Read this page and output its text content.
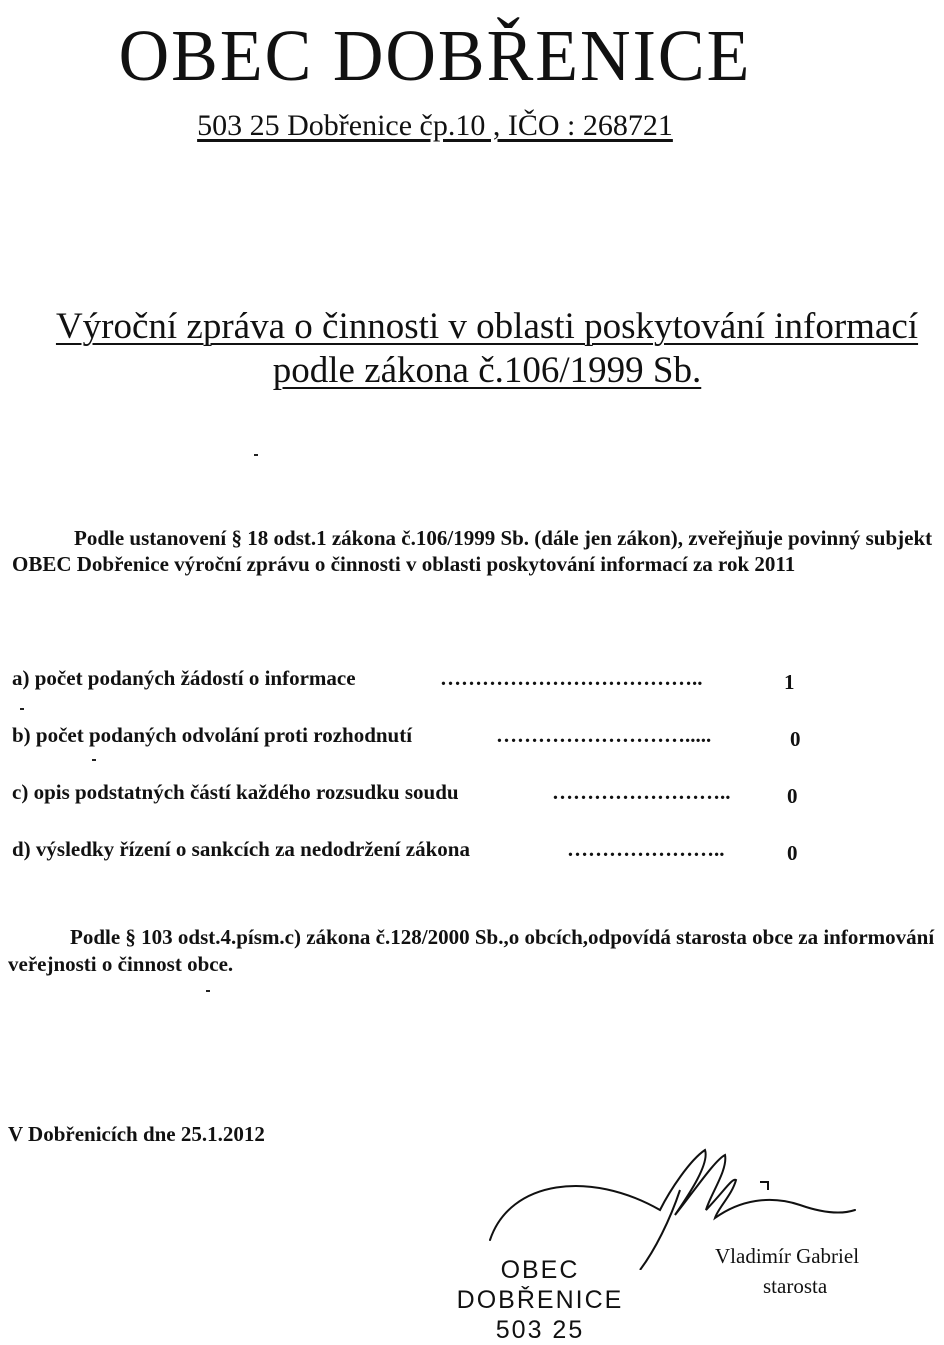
OBEC DOBŘENICE
503 25 Dobřenice čp.10 , IČO : 268721
Výroční zpráva o činnosti v oblasti poskytování informací
podle zákona č.106/1999 Sb.
Podle ustanovení § 18 odst.1 zákona č.106/1999 Sb. (dále jen zákon), zveřejňuje povinný subjekt OBEC Dobřenice výroční zprávu o činnosti v oblasti poskytování informací za rok 2011
a) počet podaných žádostí o informace	………………………………..	1
b) počet podaných odvolání proti rozhodnutí	……………………….....	0
c) opis podstatných částí každého rozsudku soudu	……………………..	0
d) výsledky řízení o sankcích za nedodržení zákona	…………………..	0
Podle § 103 odst.4.písm.c) zákona č.128/2000 Sb.,o obcích,odpovídá starosta obce za informování veřejnosti o činnost obce.
V Dobřenicích dne 25.1.2012
Vladimír Gabriel
starosta
OBEC
DOBŘENICE
503 25
